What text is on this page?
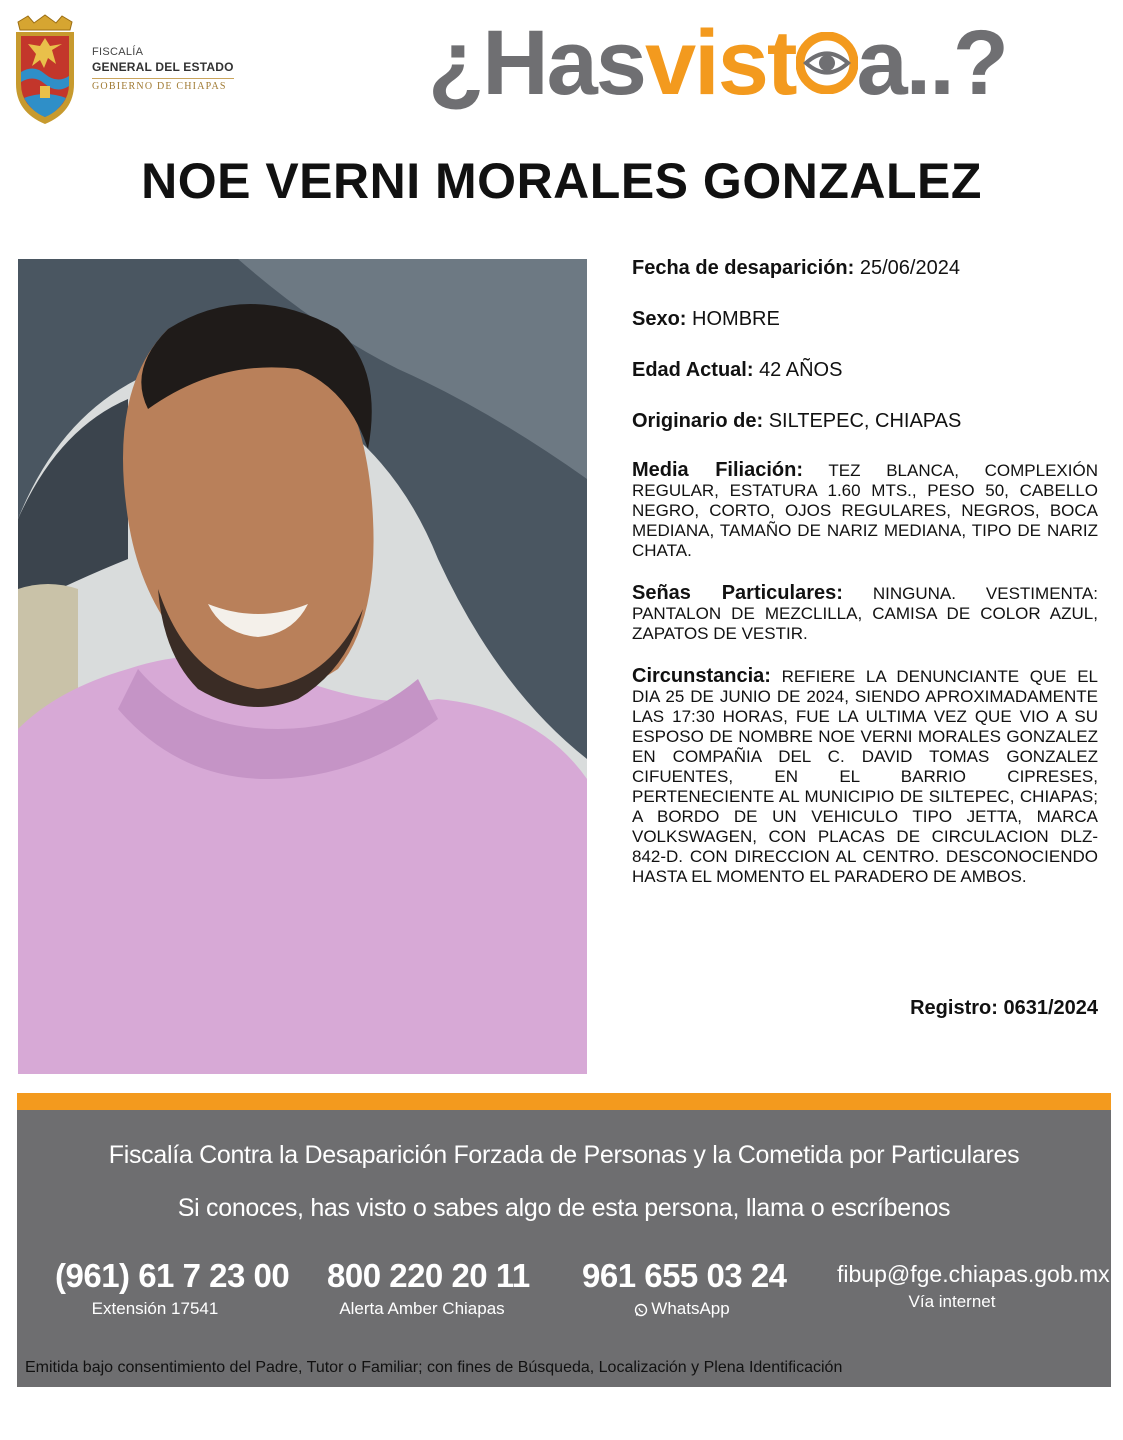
FISCALÍA
GENERAL DEL ESTADO
GOBIERNO DE CHIAPAS ¿Hasvist a..?
NOE VERNI MORALES GONZALEZ
Fecha de desaparición: 25/06/2024
Sexo: HOMBRE
Edad Actual: 42 AÑOS
Originario de: SILTEPEC, CHIAPAS
Media Filiación: TEZ BLANCA, COMPLEXIÓN REGULAR, ESTATURA 1.60 MTS., PESO 50, CABELLO NEGRO, CORTO, OJOS REGULARES, NEGROS, BOCA MEDIANA, TAMAÑO DE NARIZ MEDIANA, TIPO DE NARIZ CHATA.
Señas Particulares: NINGUNA. VESTIMENTA: PANTALON DE MEZCLILLA, CAMISA DE COLOR AZUL, ZAPATOS DE VESTIR.
Circunstancia: REFIERE LA DENUNCIANTE QUE EL DIA 25 DE JUNIO DE 2024, SIENDO APROXIMADAMENTE LAS 17:30 HORAS, FUE LA ULTIMA VEZ QUE VIO A SU ESPOSO DE NOMBRE NOE VERNI MORALES GONZALEZ EN COMPAÑIA DEL C. DAVID TOMAS GONZALEZ CIFUENTES, EN EL BARRIO CIPRESES, PERTENECIENTE AL MUNICIPIO DE SILTEPEC, CHIAPAS; A BORDO DE UN VEHICULO TIPO JETTA, MARCA VOLKSWAGEN, CON PLACAS DE CIRCULACION DLZ-842-D. CON DIRECCION AL CENTRO. DESCONOCIENDO HASTA EL MOMENTO EL PARADERO DE AMBOS.
Registro: 0631/2024
Fiscalía Contra la Desaparición Forzada de Personas y la Cometida por Particulares
Si conoces, has visto o sabes algo de esta persona, llama o escríbenos
(961) 61 7 23 00
Extensión 17541
800 220 20 11
Alerta Amber Chiapas
961 655 03 24
WhatsApp
fibup@fge.chiapas.gob.mx
Vía internet
Emitida bajo consentimiento del Padre, Tutor o Familiar; con fines de Búsqueda, Localización y Plena Identificación
